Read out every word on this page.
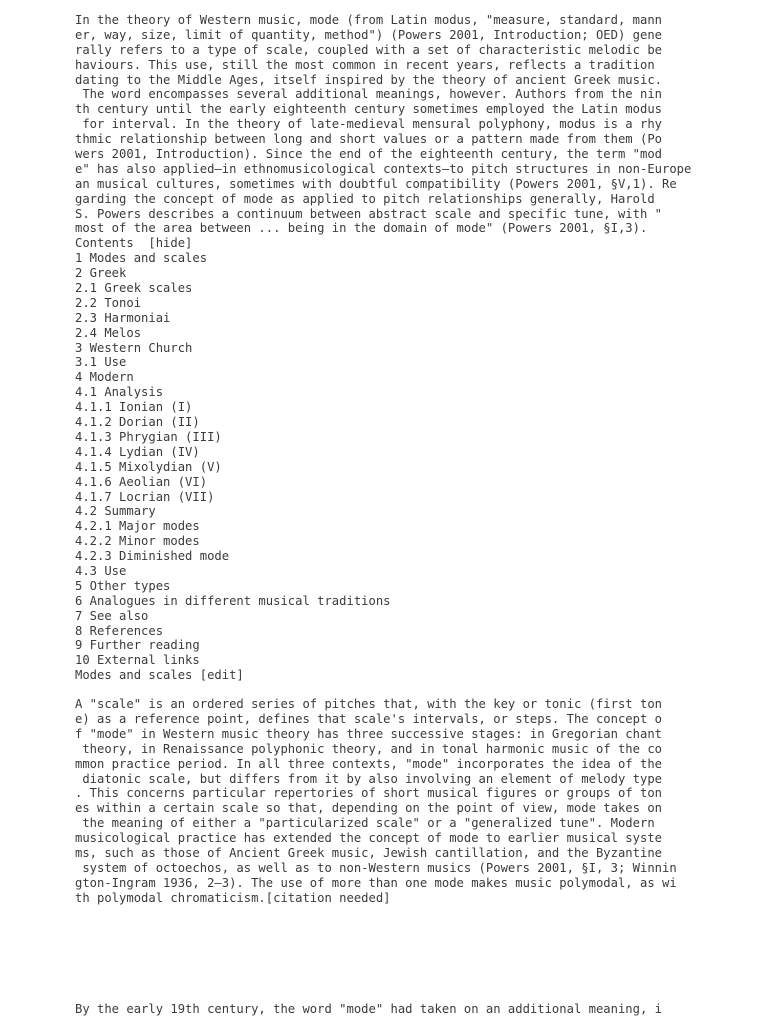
In the theory of Western music, mode (from Latin modus, "measure, standard, mann
er, way, size, limit of quantity, method") (Powers 2001, Introduction; OED) gene
rally refers to a type of scale, coupled with a set of characteristic melodic be
haviours. This use, still the most common in recent years, reflects a tradition
dating to the Middle Ages, itself inspired by the theory of ancient Greek music.
The word encompasses several additional meanings, however. Authors from the nin
th century until the early eighteenth century sometimes employed the Latin modus
for interval. In the theory of late-medieval mensural polyphony, modus is a rhy
thmic relationship between long and short values or a pattern made from them (Po
wers 2001, Introduction). Since the end of the eighteenth century, the term "mod
e" has also applied—in ethnomusicological contexts—to pitch structures in non-Europe
an musical cultures, sometimes with doubtful compatibility (Powers 2001, §V,1). Re
garding the concept of mode as applied to pitch relationships generally, Harold
S. Powers describes a continuum between abstract scale and specific tune, with "
most of the area between ... being in the domain of mode" (Powers 2001, §I,3).
Contents  [hide]
1 Modes and scales
2 Greek
2.1 Greek scales
2.2 Tonoi
2.3 Harmoniai
2.4 Melos
3 Western Church
3.1 Use
4 Modern
4.1 Analysis
4.1.1 Ionian (I)
4.1.2 Dorian (II)
4.1.3 Phrygian (III)
4.1.4 Lydian (IV)
4.1.5 Mixolydian (V)
4.1.6 Aeolian (VI)
4.1.7 Locrian (VII)
4.2 Summary
4.2.1 Major modes
4.2.2 Minor modes
4.2.3 Diminished mode
4.3 Use
5 Other types
6 Analogues in different musical traditions
7 See also
8 References
9 Further reading
10 External links
Modes and scales [edit]
A "scale" is an ordered series of pitches that, with the key or tonic (first ton
e) as a reference point, defines that scale's intervals, or steps. The concept o
f "mode" in Western music theory has three successive stages: in Gregorian chant
theory, in Renaissance polyphonic theory, and in tonal harmonic music of the co
mmon practice period. In all three contexts, "mode" incorporates the idea of the
diatonic scale, but differs from it by also involving an element of melody type
. This concerns particular repertories of short musical figures or groups of ton
es within a certain scale so that, depending on the point of view, mode takes on
the meaning of either a "particularized scale" or a "generalized tune". Modern
musicological practice has extended the concept of mode to earlier musical syste
ms, such as those of Ancient Greek music, Jewish cantillation, and the Byzantine
system of octoechos, as well as to non-Western musics (Powers 2001, §I, 3; Winnin
gton-Ingram 1936, 2–3). The use of more than one mode makes music polymodal, as wi
th polymodal chromaticism.[citation needed]
By the early 19th century, the word "mode" had taken on an additional meaning, i
